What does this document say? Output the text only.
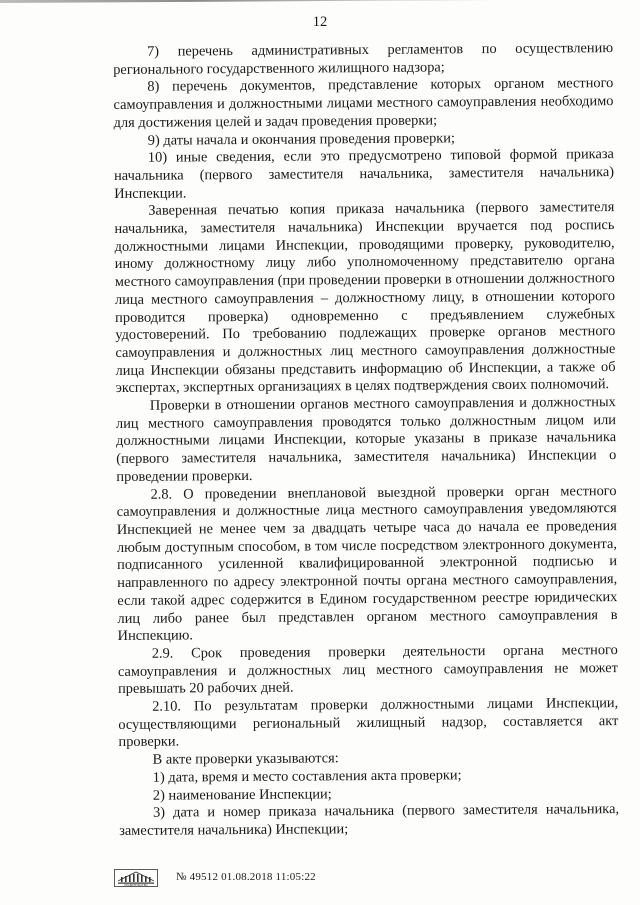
12

7) перечень административных регламентов по осуществлению регионального государственного жилищного надзора;

8) перечень документов, представление которых органом местного самоуправления и должностными лицами местного самоуправления необходимо для достижения целей и задач проведения проверки;

9) даты начала и окончания проведения проверки;

10) иные сведения, если это предусмотрено типовой формой приказа начальника (первого заместителя начальника, заместителя начальника) Инспекции.

Заверенная печатью копия приказа начальника (первого заместителя начальника, заместителя начальника) Инспекции вручается под роспись должностными лицами Инспекции, проводящими проверку, руководителю, иному должностному лицу либо уполномоченному представителю органа местного самоуправления (при проведении проверки в отношении должностного лица местного самоуправления – должностному лицу, в отношении которого проводится проверка) одновременно с предъявлением служебных удостоверений. По требованию подлежащих проверке органов местного самоуправления и должностных лиц местного самоуправления должностные лица Инспекции обязаны представить информацию об Инспекции, а также об экспертах, экспертных организациях в целях подтверждения своих полномочий.

Проверки в отношении органов местного самоуправления и должностных лиц местного самоуправления проводятся только должностным лицом или должностными лицами Инспекции, которые указаны в приказе начальника (первого заместителя начальника, заместителя начальника) Инспекции о проведении проверки.

2.8. О проведении внеплановой выездной проверки орган местного самоуправления и должностные лица местного самоуправления уведомляются Инспекцией не менее чем за двадцать четыре часа до начала ее проведения любым доступным способом, в том числе посредством электронного документа, подписанного усиленной квалифицированной электронной подписью и направленного по адресу электронной почты органа местного самоуправления, если такой адрес содержится в Едином государственном реестре юридических лиц либо ранее был представлен органом местного самоуправления в Инспекцию.

2.9. Срок проведения проверки деятельности органа местного самоуправления и должностных лиц местного самоуправления не может превышать 20 рабочих дней.

2.10. По результатам проверки должностными лицами Инспекции, осуществляющими региональный жилищный надзор, составляется акт проверки.

В акте проверки указываются:

1) дата, время и место составления акта проверки;

2) наименование Инспекции;

3) дата и номер приказа начальника (первого заместителя начальника, заместителя начальника) Инспекции;

ПРАВИТЕЛЬСТВО
№ 49512 01.08.2018 11:05:22
